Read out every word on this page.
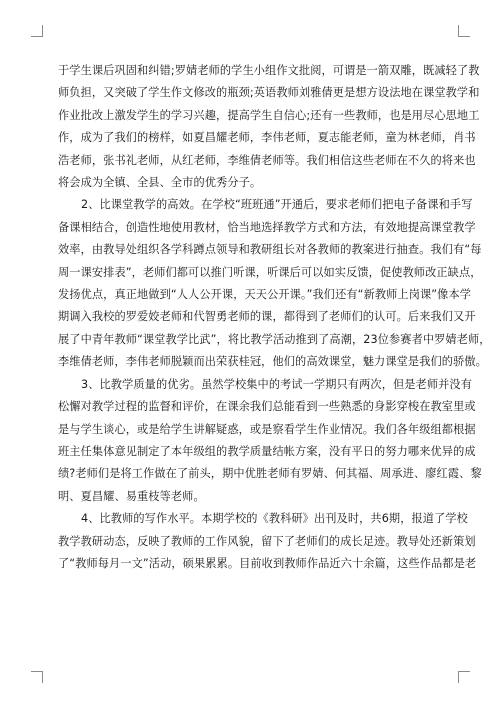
于学生课后巩固和纠错;罗婧老师的学生小组作文批阅，可谓是一箭双雕，既减轻了教
师负担，又突破了学生作文修改的瓶颈;英语教师刘雅倩更是想方设法地在课堂教学和
作业批改上激发学生的学习兴趣，提高学生自信心;还有一些教师，也是用尽心思地工
作，成为了我们的榜样，如夏昌耀老师，李伟老师，夏志能老师，童为林老师，肖书
浩老师，张书礼老师，从红老师，李维倩老师等。我们相信这些老师在不久的将来也
将会成为全镇、全县、全市的优秀分子。

2、比课堂教学的高效。在学校“班班通”开通后，要求老师们把电子备课和手写
备课相结合，创造性地使用教材，恰当地选择教学方式和方法，有效地提高课堂教学
效率，由教导处组织各学科蹲点领导和教研组长对各教师的教案进行抽查。我们有“每
周一课安排表”，老师们都可以推门听课，听课后可以如实反馈，促使教师改正缺点，
发扬优点，真正地做到“人人公开课，天天公开课。”我们还有“新教师上岗课”像本学
期调入我校的罗爱姣老师和代智勇老师的课，都得到了老师们的认可。后来我们又开
展了中青年教师“课堂教学比武”，将比教学活动推到了高潮，23位参赛者中罗婧老师，
李维倩老师，李伟老师脱颖而出荣获桂冠，他们的高效课堂，魅力课堂是我们的骄傲。

3、比教学质量的优劣。虽然学校集中的考试一学期只有两次，但是老师并没有
松懈对教学过程的监督和评价，在课余我们总能看到一些熟悉的身影穿梭在教室里或
是与学生谈心，或是给学生讲解疑惑，或是察看学生作业情况。我们各年级组都根据
班主任集体意见制定了本年级组的教学质量结帐方案，没有平日的努力哪来优异的成
绩?老师们是将工作做在了前头，期中优胜老师有罗婧、何其福、周承进、廖红霞、黎
明、夏昌耀、易重枝等老师。

4、比教师的写作水平。本期学校的《教科研》出刊及时，共6期，报道了学校
教学教研动态，反映了教师的工作风貌，留下了老师们的成长足迹。教导处还新策划
了“教师每月一文”活动，硕果累累。目前收到教师作品近六十余篇，这些作品都是老
